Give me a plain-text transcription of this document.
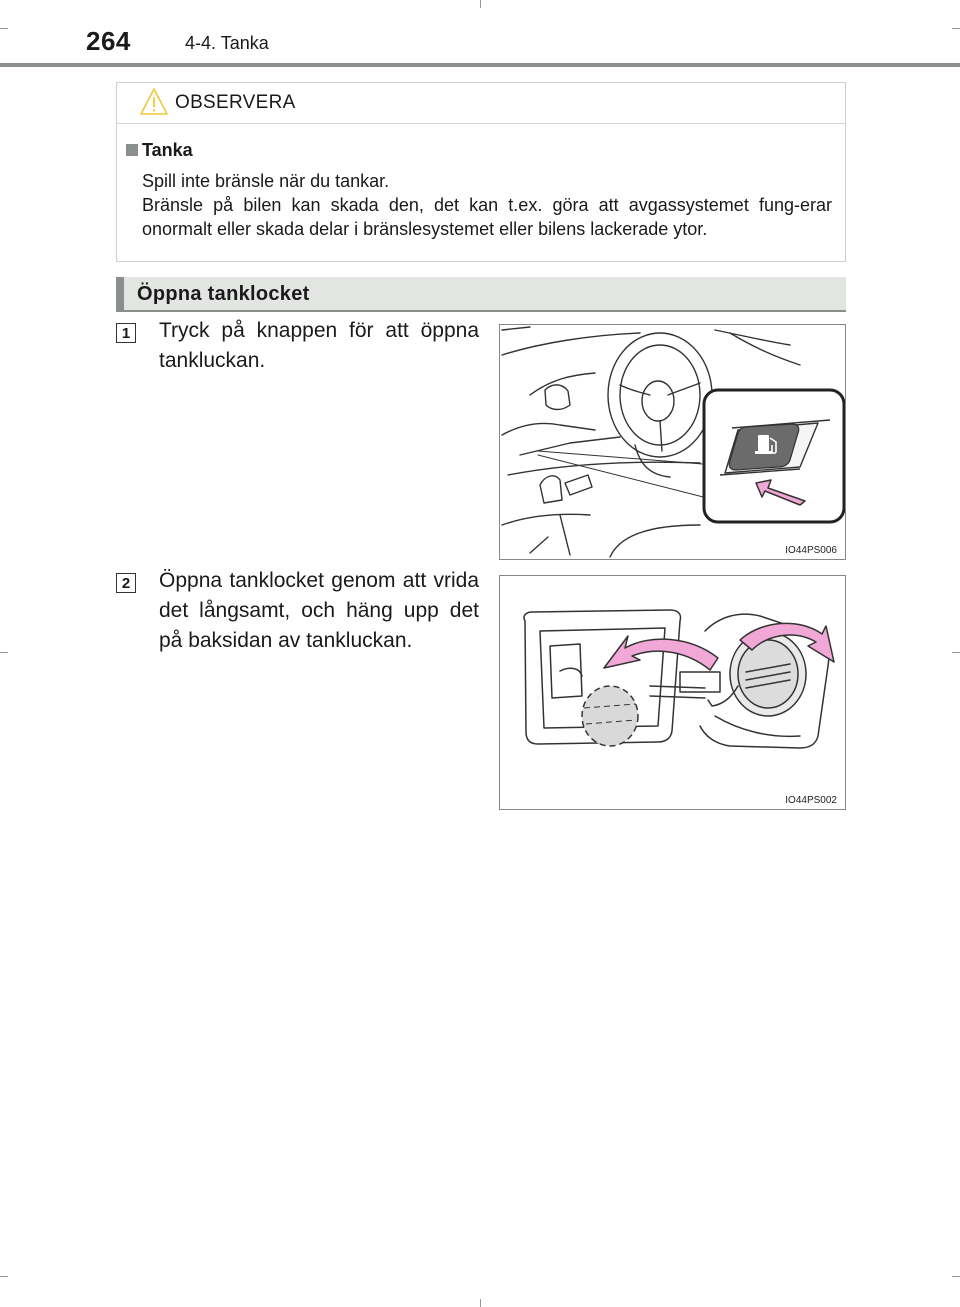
264	4-4. Tanka
OBSERVERA
Tanka

Spill inte bränsle när du tankar.

Bränsle på bilen kan skada den, det kan t.ex. göra att avgassystemet fung-erar onormalt eller skada delar i bränslesystemet eller bilens lackerade ytor.

Öppna tanklocket
1 Tryck på knappen för att öppna tankluckan.
IO44PS006
2 Öppna tanklocket genom att vrida det långsamt, och häng upp det på baksidan av tankluckan.
IO44PS002
